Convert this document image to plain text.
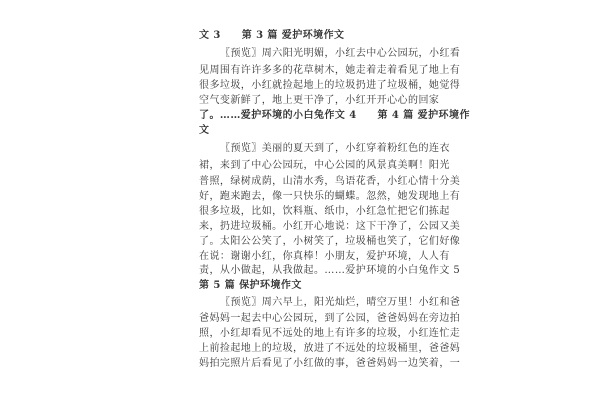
文 3　　第 3 篇 爱护环境作文
〖预览〗周六阳光明媚，小红去中心公园玩，小红看
见周围有许许多多的花草树木，她走着走着看见了地上有
很多垃圾，小红就捡起地上的垃圾扔进了垃圾桶，她觉得
空气变新鲜了，地上更干净了，小红开开心心的回家
了。……爱护环境的小白兔作文 4　　第 4 篇 爱护环境作
文
〖预览〗美丽的夏天到了，小红穿着粉红色的连衣
裙，来到了中心公园玩，中心公园的风景真美啊！阳光
普照，绿树成荫，山清水秀，鸟语花香，小红心情十分美
好，跑来跑去，像一只快乐的蝴蝶。忽然，她发现地上有
很多垃圾，比如，饮料瓶、纸巾，小红急忙把它们拣起
来，扔进垃圾桶。小红开心地说：这下干净了，公园又美
了。太阳公公笑了，小树笑了，垃圾桶也笑了，它们好像
在说：谢谢小红，你真棒！小朋友，爱护环境，人人有
责，从小做起，从我做起。……爱护环境的小白兔作文 5
第 5 篇 保护环境作文
〖预览〗周六早上，阳光灿烂，晴空万里！小红和爸
爸妈妈一起去中心公园玩，到了公园，爸爸妈妈在旁边拍
照，小红却看见不远处的地上有许多的垃圾，小红连忙走
上前捡起地上的垃圾，放进了不远处的垃圾桶里，爸爸妈
妈拍完照片后看见了小红做的事，爸爸妈妈一边笑着，一
